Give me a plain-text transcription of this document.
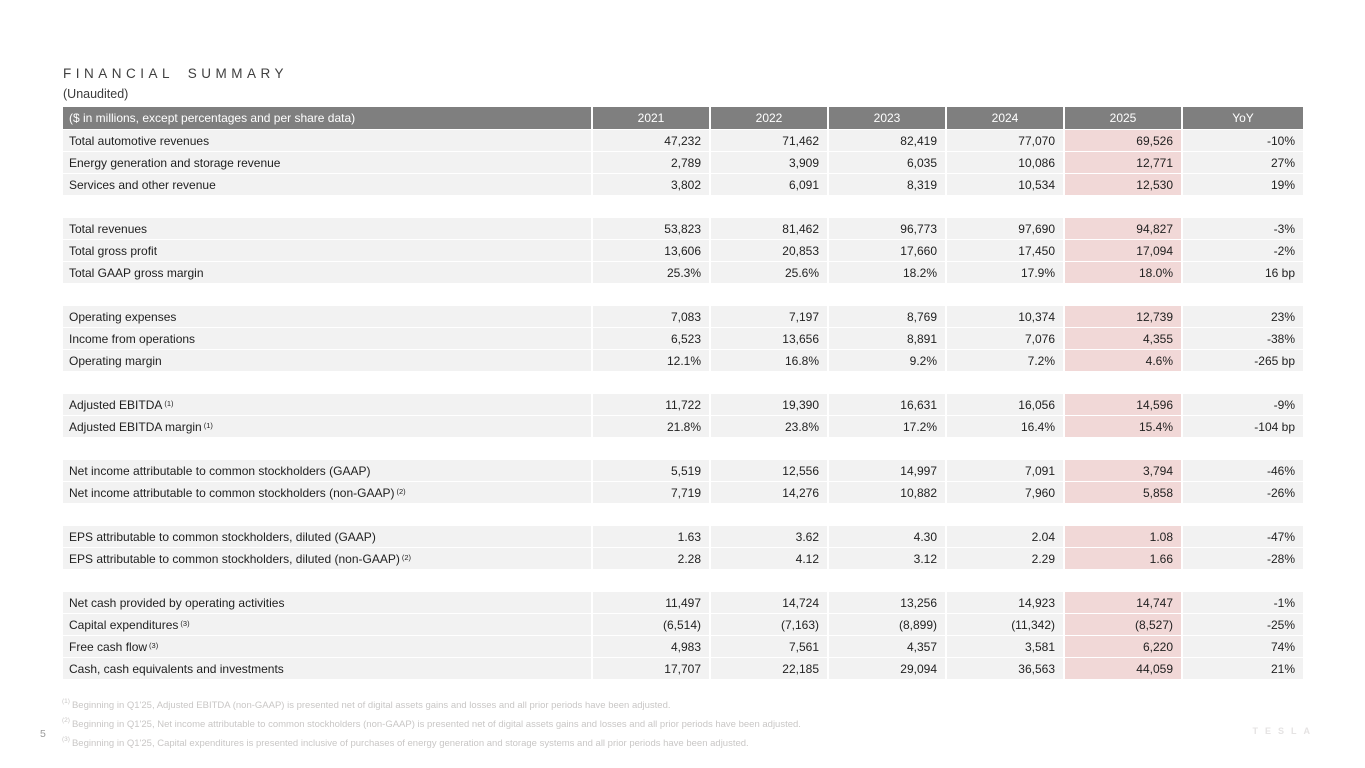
FINANCIAL SUMMARY
(Unaudited)
($ in millions, except percentages and per share data)	2021	2022	2023	2024	2025	YoY
Total automotive revenues	47,232	71,462	82,419	77,070	69,526	-10%
Energy generation and storage revenue	2,789	3,909	6,035	10,086	12,771	27%
Services and other revenue	3,802	6,091	8,319	10,534	12,530	19%
Total revenues	53,823	81,462	96,773	97,690	94,827	-3%
Total gross profit	13,606	20,853	17,660	17,450	17,094	-2%
Total GAAP gross margin	25.3%	25.6%	18.2%	17.9%	18.0%	16 bp
Operating expenses	7,083	7,197	8,769	10,374	12,739	23%
Income from operations	6,523	13,656	8,891	7,076	4,355	-38%
Operating margin	12.1%	16.8%	9.2%	7.2%	4.6%	-265 bp
Adjusted EBITDA $^{(1)}$	11,722	19,390	16,631	16,056	14,596	-9%
Adjusted EBITDA margin $^{(1)}$	21.8%	23.8%	17.2%	16.4%	15.4%	-104 bp
Net income attributable to common stockholders (GAAP)	5,519	12,556	14,997	7,091	3,794	-46%
Net income attributable to common stockholders (non-GAAP) $^{(2)}$	7,719	14,276	10,882	7,960	5,858	-26%
EPS attributable to common stockholders, diluted (GAAP)	1.63	3.62	4.30	2.04	1.08	-47%
EPS attributable to common stockholders, diluted (non-GAAP) $^{(2)}$	2.28	4.12	3.12	2.29	1.66	-28%
Net cash provided by operating activities	11,497	14,724	13,256	14,923	14,747	-1%
Capital expenditures $^{(3)}$	(6,514)	(7,163)	(8,899)	(11,342)	(8,527)	-25%
Free cash flow $^{(3)}$	4,983	7,561	4,357	3,581	6,220	74%
Cash, cash equivalents and investments	17,707	22,185	29,094	36,563	44,059	21%
$^{(1)}$ Beginning in Q1'25, Adjusted EBITDA (non-GAAP) is presented net of digital assets gains and losses and all prior periods have been adjusted.
$^{(2)}$ Beginning in Q1'25, Net income attributable to common stockholders (non-GAAP) is presented net of digital assets gains and losses and all prior periods have been adjusted.
$^{(3)}$ Beginning in Q1'25, Capital expenditures is presented inclusive of purchases of energy generation and storage systems and all prior periods have been adjusted.
5	TESLA
